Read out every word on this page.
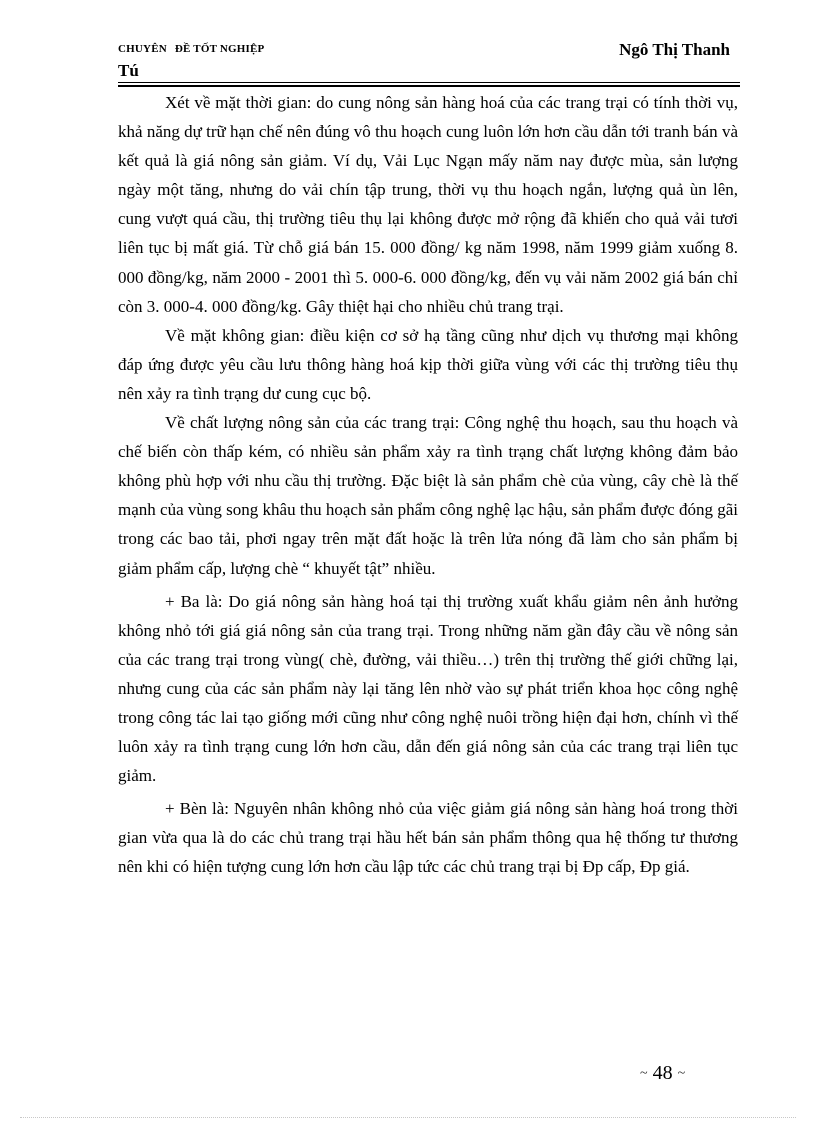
CHUYÊN ĐỀ TỐT NGHIỆP	Ngô Thị Thanh
Tú

Xét về mặt thời gian: do cung nông sản hàng hoá của các trang trại có tính thời vụ, khả năng dự trữ hạn chế nên đúng vô thu hoạch cung luôn lớn hơn cầu dẫn tới tranh bán và kết quả là giá nông sản giảm. Ví dụ, Vải Lục Ngạn mấy năm nay được mùa, sản lượng ngày một tăng, nhưng do vải chín tập trung, thời vụ thu hoạch ngắn, lượng quả ùn lên, cung vượt quá cầu, thị trường tiêu thụ lại không được mở rộng đã khiến cho quả vải tươi liên tục bị mất giá. Từ chỗ giá bán 15. 000 đồng/ kg năm 1998, năm 1999 giảm xuống 8. 000 đồng/kg, năm 2000 - 2001 thì 5. 000-6. 000 đồng/kg, đến vụ vải năm 2002 giá bán chỉ còn 3. 000-4. 000 đồng/kg. Gây thiệt hại cho nhiều chủ trang trại.

Về mặt không gian: điều kiện cơ sở hạ tầng cũng như dịch vụ thương mại không đáp ứng được yêu cầu lưu thông hàng hoá kịp thời giữa vùng với các thị trường tiêu thụ nên xảy ra tình trạng dư cung cục bộ.

Về chất lượng nông sản của các trang trại: Công nghệ thu hoạch, sau thu hoạch và chế biến còn thấp kém, có nhiều sản phẩm xảy ra tình trạng chất lượng không đảm bảo không phù hợp với nhu cầu thị trường. Đặc biệt là sản phẩm chè của vùng, cây chè là thế mạnh của vùng song khâu thu hoạch sản phẩm công nghệ lạc hậu, sản phẩm được đóng gãi trong các bao tải, phơi ngay trên mặt đất hoặc là trên lửa nóng đã làm cho sản phẩm bị giảm phẩm cấp, lượng chè “ khuyết tật” nhiều.

+ Ba là: Do giá nông sản hàng hoá tại thị trường xuất khẩu giảm nên ảnh hưởng không nhỏ tới giá giá nông sản của trang trại. Trong những năm gần đây cầu về nông sản của các trang trại trong vùng( chè, đường, vải thiều…) trên thị trường thế giới chững lại, nhưng cung của các sản phẩm này lại tăng lên nhờ vào sự phát triển khoa học công nghệ trong công tác lai tạo giống mới cũng như công nghệ nuôi trồng hiện đại hơn, chính vì thế luôn xảy ra tình trạng cung lớn hơn cầu, dẫn đến giá nông sản của các trang trại liên tục giảm.

+ Bèn là: Nguyên nhân không nhỏ của việc giảm giá nông sản hàng hoá trong thời gian vừa qua là do các chủ trang trại hầu hết bán sản phẩm thông qua hệ thống tư thương nên khi có hiện tượng cung lớn hơn cầu lập tức các chủ trang trại bị Đp cấp, Đp giá.

~ 48 ~
